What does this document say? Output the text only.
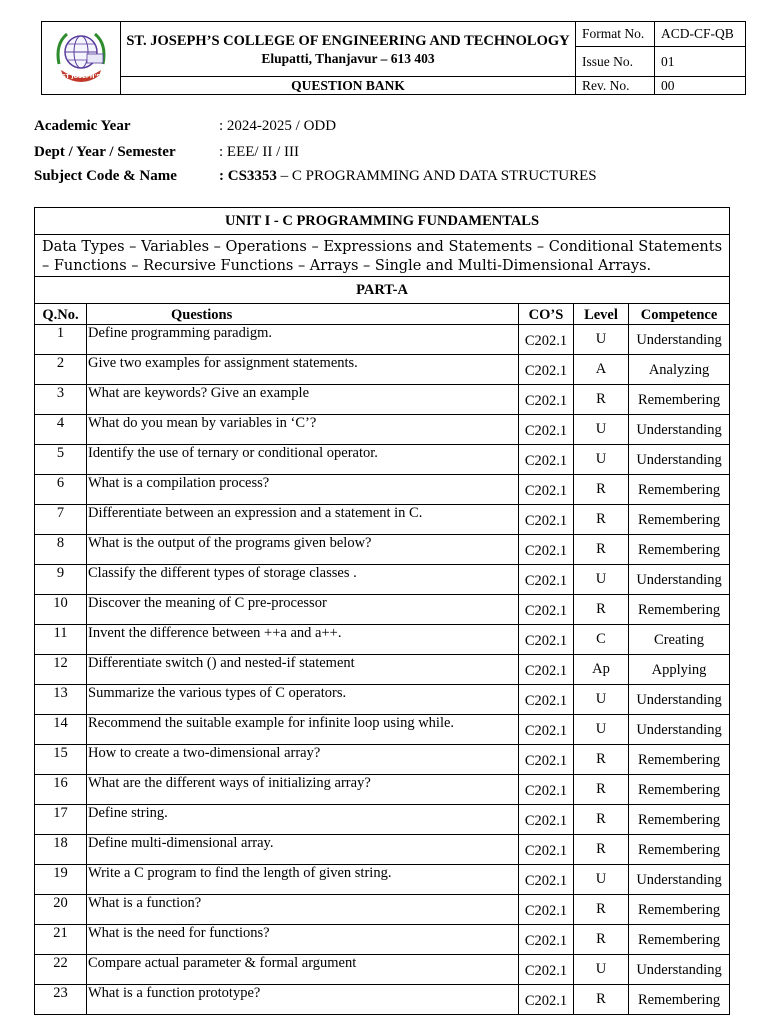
ST JOSEPH'S	ST. JOSEPH’S COLLEGE OF ENGINEERING AND TECHNOLOGY
Elupatti, Thanjavur – 613 403	Format No.	ACD-CF-QB
		Issue No.	01
	QUESTION BANK	Rev. No.	00
Academic Year	: 2024-2025 / ODD
Dept / Year / Semester	: EEE/ II / III
Subject Code & Name	: CS3353 – C PROGRAMMING AND DATA STRUCTURES
UNIT I - C PROGRAMMING FUNDAMENTALS				
Data Types – Variables – Operations – Expressions and Statements – Conditional Statements – Functions – Recursive Functions – Arrays – Single and Multi-Dimensional Arrays.				
PART-A				
Q.No.	Questions	CO’S	Level	Competence
1	Define programming paradigm.	C202.1	U	Understanding
2	Give two examples for assignment statements.	C202.1	A	Analyzing
3	What are keywords? Give an example	C202.1	R	Remembering
4	What do you mean by variables in ‘C’?	C202.1	U	Understanding
5	Identify the use of ternary or conditional operator.	C202.1	U	Understanding
6	What is a compilation process?	C202.1	R	Remembering
7	Differentiate between an expression and a statement in C.	C202.1	R	Remembering
8	What is the output of the programs given below?	C202.1	R	Remembering
9	Classify the different types of storage classes .	C202.1	U	Understanding
10	Discover the meaning of C pre-processor	C202.1	R	Remembering
11	Invent the difference between ++a and a++.	C202.1	C	Creating
12	Differentiate switch () and nested-if statement	C202.1	Ap	Applying
13	Summarize the various types of C operators.	C202.1	U	Understanding
14	Recommend the suitable example for infinite loop using while.	C202.1	U	Understanding
15	How to create a two-dimensional array?	C202.1	R	Remembering
16	What are the different ways of initializing array?	C202.1	R	Remembering
17	Define string.	C202.1	R	Remembering
18	Define multi-dimensional array.	C202.1	R	Remembering
19	Write a C program to find the length of given string.	C202.1	U	Understanding
20	What is a function?	C202.1	R	Remembering
21	What is the need for functions?	C202.1	R	Remembering
22	Compare actual parameter & formal argument	C202.1	U	Understanding
23	What is a function prototype?	C202.1	R	Remembering
